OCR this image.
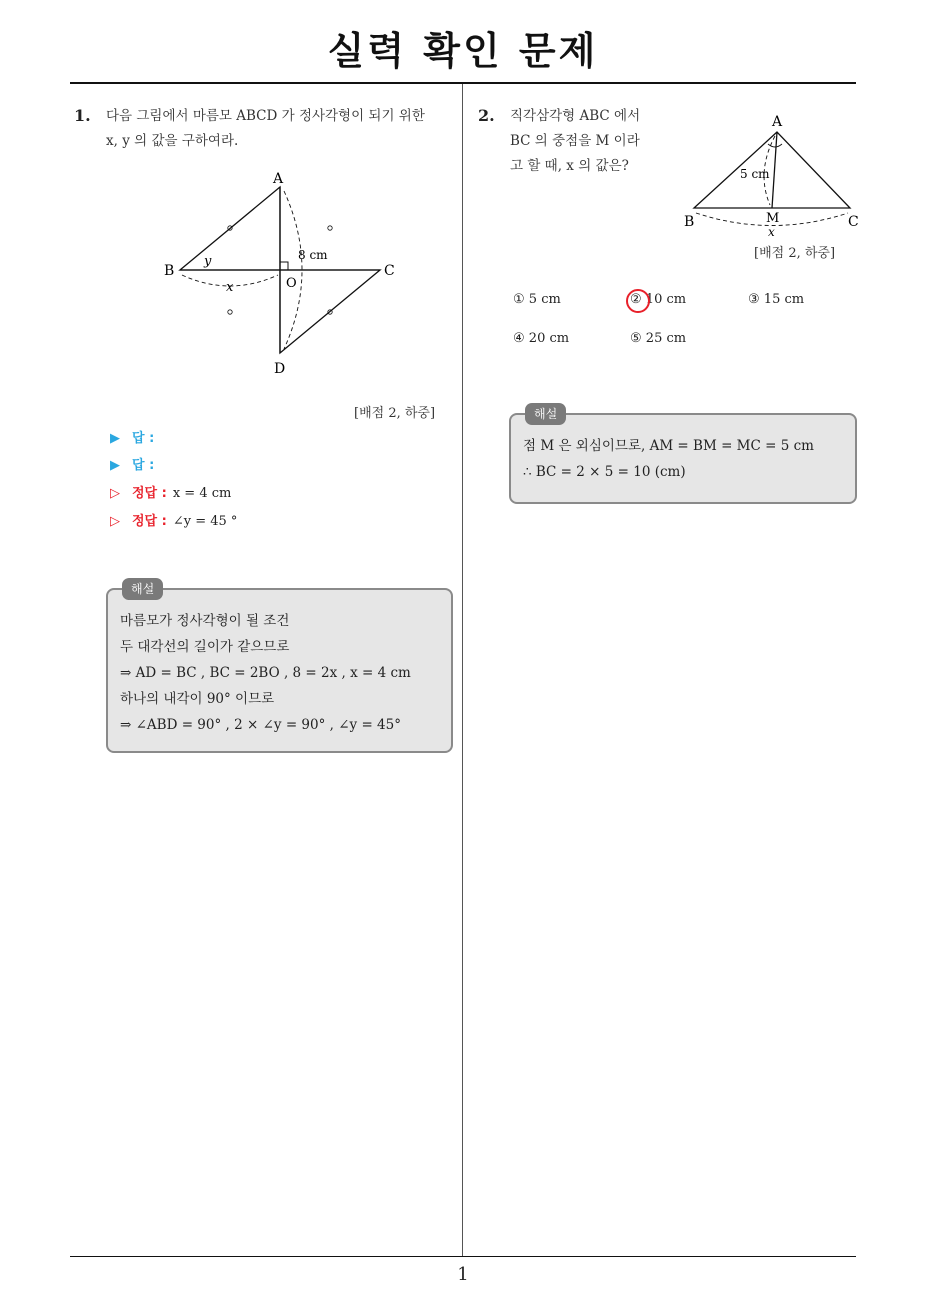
실력 확인 문제
1. 다음 그림에서 마름모 ABCD 가 정사각형이 되기 위한
x, y 의 값을 구하여라.
A
B	C
D
O
y
x
8 cm
[배점 2, 하중]
▶ 답 :
▶ 답 :
▷ 정답 : x = 4 cm
▷ 정답 : ∠y = 45 °
해설
마름모가 정사각형이 될 조건
두 대각선의 길이가 같으므로
⇒ AD = BC , BC = 2BO , 8 = 2x , x = 4 cm
하나의 내각이 90° 이므로
⇒ ∠ABD = 90° , 2 × ∠y = 90° , ∠y = 45°
2. 직각삼각형 ABC 에서
BC 의 중점을 M 이라
고 할 때, x 의 값은?
A
B	C
M
5 cm
x
[배점 2, 하중]
① 5 cm	② 10 cm	③ 15 cm
④ 20 cm	⑤ 25 cm
해설
점 M 은 외심이므로, AM = BM = MC = 5 cm
∴ BC = 2 × 5 = 10 (cm)
1
